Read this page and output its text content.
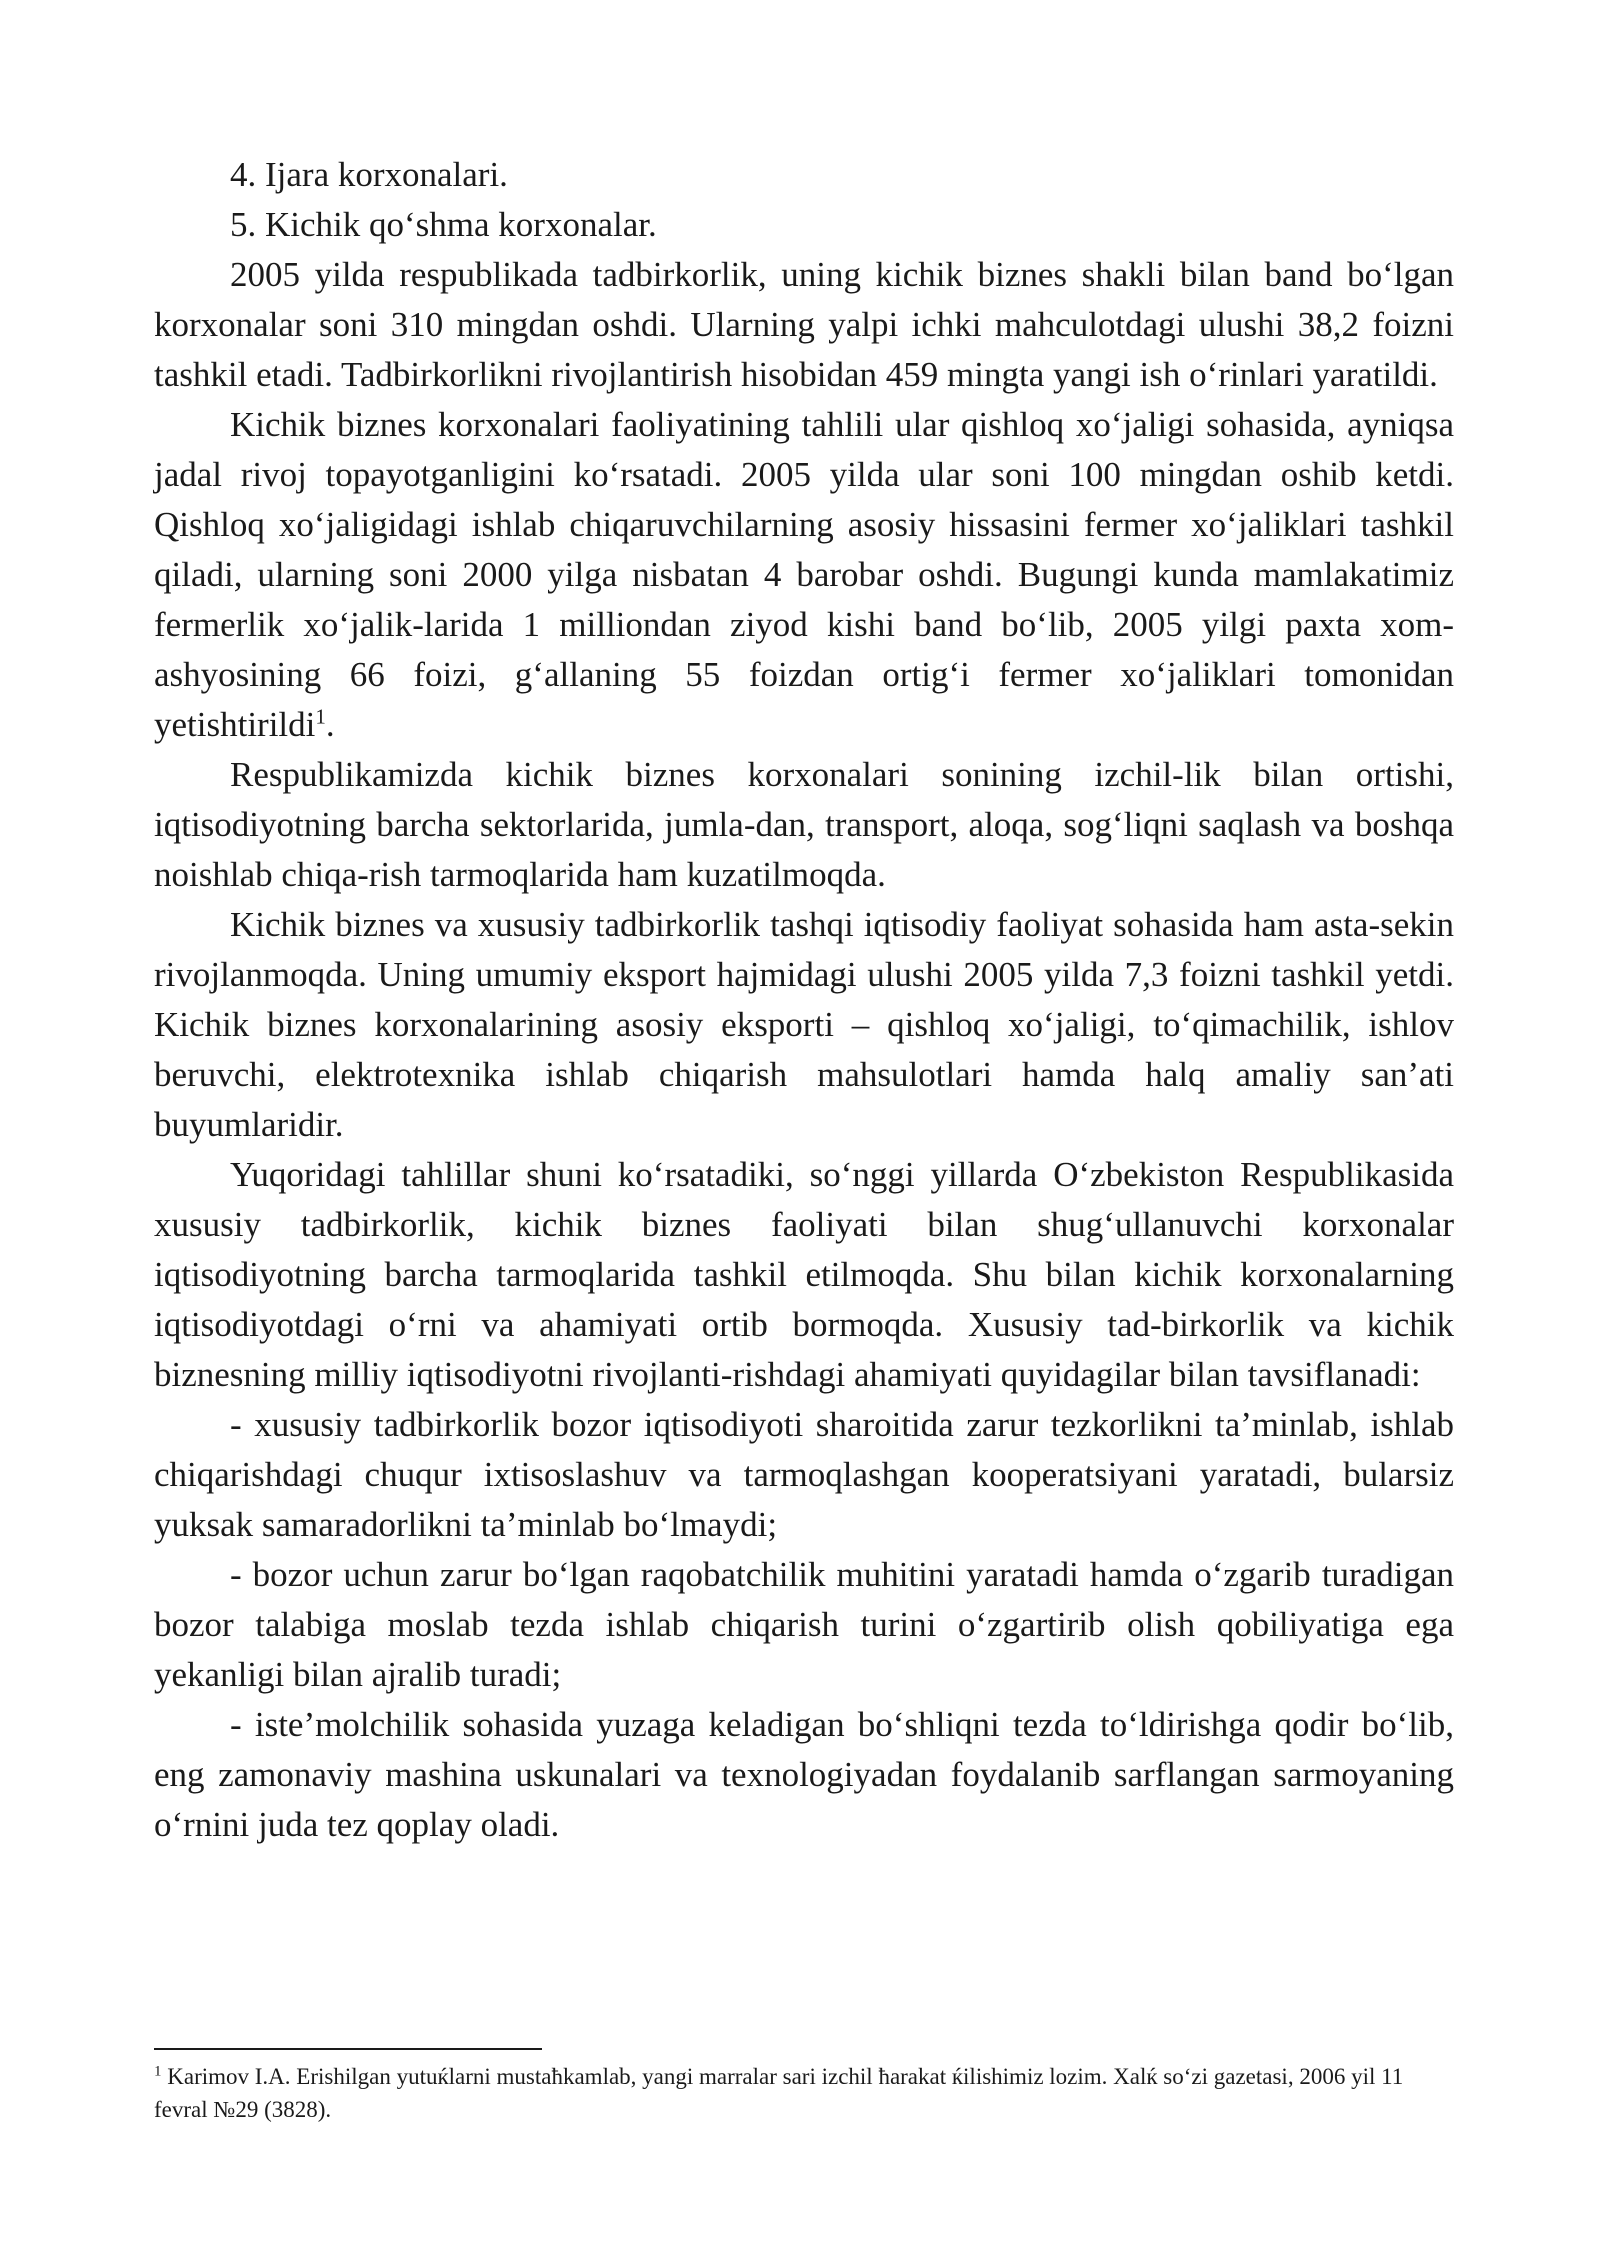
4. Ijara korxonalari.

5. Kichik qo‘shma korxonalar.

2005 yilda respublikada tadbirkorlik, uning kichik biznes shakli bilan band bo‘lgan korxonalar soni 310 mingdan oshdi. Ularning yalpi ichki mahculotdagi ulushi 38,2 foizni tashkil etadi. Tadbirkorlikni rivojlantirish hisobidan 459 mingta yangi ish o‘rinlari yaratildi.

Kichik biznes korxonalari faoliyatining tahlili ular qishloq xo‘jaligi sohasida, ayniqsa jadal rivoj topayotganligini ko‘rsatadi. 2005 yilda ular soni 100 mingdan oshib ketdi. Qishloq xo‘jaligidagi ishlab chiqaruvchilarning asosiy hissasini fermer xo‘jaliklari tashkil qiladi, ularning soni 2000 yilga nisbatan 4 barobar oshdi. Bugungi kunda mamlakatimiz fermerlik xo‘jalik-larida 1 milliondan ziyod kishi band bo‘lib, 2005 yilgi paxta xom-ashyosining 66 foizi, g‘allaning 55 foizdan ortig‘i fermer xo‘jaliklari tomonidan yetishtirildi$^1$.

Respublikamizda kichik biznes korxonalari sonining izchil-lik bilan ortishi, iqtisodiyotning barcha sektorlarida, jumla-dan, transport, aloqa, sog‘liqni saqlash va boshqa noishlab chiqa-rish tarmoqlarida ham kuzatilmoqda.

Kichik biznes va xususiy tadbirkorlik tashqi iqtisodiy faoliyat sohasida ham asta-sekin rivojlanmoqda. Uning umumiy eksport hajmidagi ulushi 2005 yilda 7,3 foizni tashkil yetdi. Kichik biznes korxonalarining asosiy eksporti – qishloq xo‘jaligi, to‘qimachilik, ishlov beruvchi, elektrotexnika ishlab chiqarish mahsulotlari hamda halq amaliy san’ati buyumlaridir.

Yuqoridagi tahlillar shuni ko‘rsatadiki, so‘nggi yillarda O‘zbekiston Respublikasida xususiy tadbirkorlik, kichik biznes faoliyati bilan shug‘ullanuvchi korxonalar iqtisodiyotning barcha tarmoqlarida tashkil etilmoqda. Shu bilan kichik korxonalarning iqtisodiyotdagi o‘rni va ahamiyati ortib bormoqda. Xususiy tad-birkorlik va kichik biznesning milliy iqtisodiyotni rivojlanti-rishdagi ahamiyati quyidagilar bilan tavsiflanadi:

- xususiy tadbirkorlik bozor iqtisodiyoti sharoitida zarur tezkorlikni ta’minlab, ishlab chiqarishdagi chuqur ixtisoslashuv va tarmoqlashgan kooperatsiyani yaratadi, bularsiz yuksak samaradorlikni ta’minlab bo‘lmaydi;

- bozor uchun zarur bo‘lgan raqobatchilik muhitini yaratadi hamda o‘zgarib turadigan bozor talabiga moslab tezda ishlab chiqarish turini o‘zgartirib olish qobiliyatiga ega yekanligi bilan ajralib turadi;

- iste’molchilik sohasida yuzaga keladigan bo‘shliqni tezda to‘ldirishga qodir bo‘lib, eng zamonaviy mashina uskunalari va texnologiyadan foydalanib sarflangan sarmoyaning o‘rnini juda tez qoplay oladi.

$^1$ Karimov I.A. Erishilgan yutuќlarni mustaћkamlab, yangi marralar sari izchil ћarakat ќilishimiz lozim. Xalќ so‘zi gazetasi, 2006 yil 11 fevral №29 (3828).
